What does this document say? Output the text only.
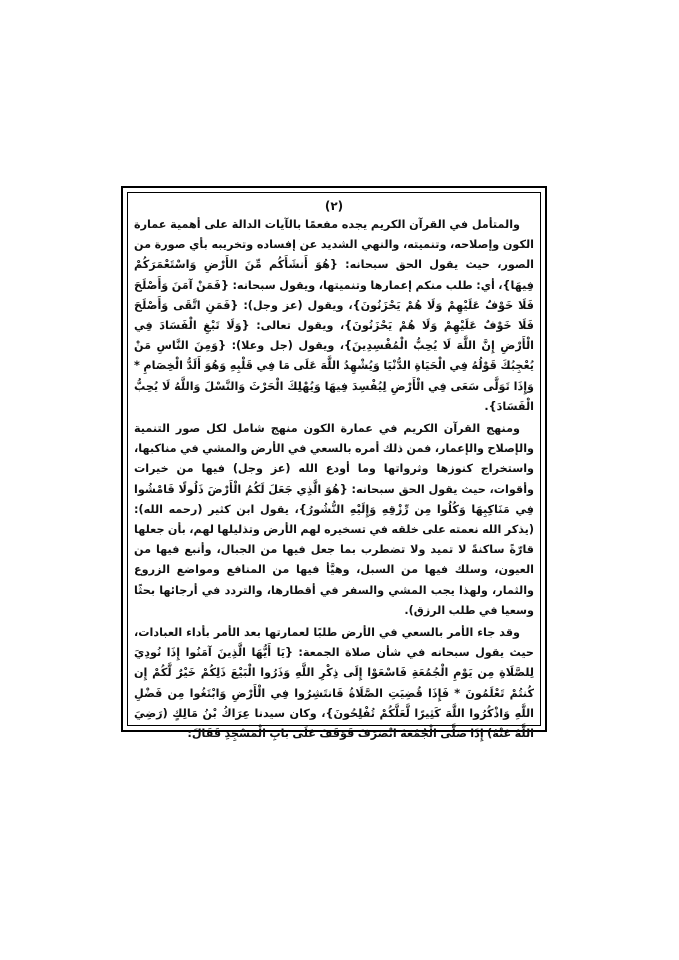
(٢)

والمتأمل في القرآن الكريم يجده مفعمًا بالآيات الدالة على أهمية عمارة الكون وإصلاحه، وتنميته، والنهي الشديد عن إفساده وتخريبه بأي صورة من الصور، حيث يقول الحق سبحانه: {هُوَ أَنشَأَكُم مِّنَ الأَرْضِ وَاسْتَعْمَرَكُمْ فِيهَا}، أي: طلب منكم إعمارها وتنميتها، ويقول سبحانه: {فَمَنْ آمَنَ وَأَصْلَحَ فَلَا خَوْفٌ عَلَيْهِمْ وَلَا هُمْ يَحْزَنُونَ}، ويقول (عز وجل): {فَمَنِ اتَّقَى وَأَصْلَحَ فَلَا خَوْفٌ عَلَيْهِمْ وَلَا هُمْ يَحْزَنُونَ}، ويقول تعالى: {وَلَا تَبْغِ الْفَسَادَ فِي الْأَرْضِ إِنَّ اللَّهَ لَا يُحِبُّ الْمُفْسِدِينَ}، ويقول (جل وعلا): {وَمِنَ النَّاسِ مَنْ يُعْجِبُكَ قَوْلُهُ فِي الْحَيَاةِ الدُّنْيَا وَيُشْهِدُ اللَّهَ عَلَى مَا فِي قَلْبِهِ وَهُوَ أَلَدُّ الْخِصَامِ * وَإِذَا تَوَلَّى سَعَى فِي الْأَرْضِ لِيُفْسِدَ فِيهَا وَيُهْلِكَ الْحَرْثَ وَالنَّسْلَ وَاللَّهُ لَا يُحِبُّ الْفَسَادَ}.

ومنهج القرآن الكريم في عمارة الكون منهج شامل لكل صور التنمية والإصلاح والإعمار، فمن ذلك أمره بالسعي في الأرض والمشي في مناكبها، واستخراج كنوزها وثرواتها وما أودع الله (عز وجل) فيها من خيرات وأقوات، حيث يقول الحق سبحانه: {هُوَ الَّذِي جَعَلَ لَكُمُ الْأَرْضَ ذَلُولًا فَامْشُوا فِي مَنَاكِبِهَا وَكُلُوا مِن رِّزْقِهِ وَإِلَيْهِ النُّشُورُ}، يقول ابن كثير (رحمه الله): (يذكر الله نعمته على خلقه في تسخيره لهم الأرض وتذليلها لهم، بأن جعلها قارّةً ساكنةً لا تميد ولا تضطرب بما جعل فيها من الجبال، وأنبع فيها من العيون، وسلك فيها من السبل، وهيَّأ فيها من المنافع ومواضع الزروع والثمار، ولهذا يجب المشي والسفر في أقطارها، والتردد في أرجائها بحثًا وسعيا في طلب الرزق).

وقد جاء الأمر بالسعي في الأرض طلبًا لعمارتها بعد الأمر بأداء العبادات، حيث يقول سبحانه في شأن صلاة الجمعة: {يَا أَيُّهَا الَّذِينَ آمَنُوا إِذَا نُودِيَ لِلصَّلَاةِ مِن يَوْمِ الْجُمُعَةِ فَاسْعَوْا إِلَى ذِكْرِ اللَّهِ وَذَرُوا الْبَيْعَ ذَلِكُمْ خَيْرٌ لَّكُمْ إِن كُنتُمْ تَعْلَمُونَ * فَإِذَا قُضِيَتِ الصَّلَاةُ فَانتَشِرُوا فِي الْأَرْضِ وَابْتَغُوا مِن فَضْلِ اللَّهِ وَاذْكُرُوا اللَّهَ كَثِيرًا لَّعَلَّكُمْ تُفْلِحُونَ}، وكان سيدنا عِرَاكُ بْنُ مَالِكٍ (رَضِيَ اللَّهُ عَنْهُ) إِذَا صَلَّى الْجُمُعَةَ انْصَرَفَ فَوَقَفَ عَلَى بَابِ الْمَسْجِدِ فَقَالَ:
